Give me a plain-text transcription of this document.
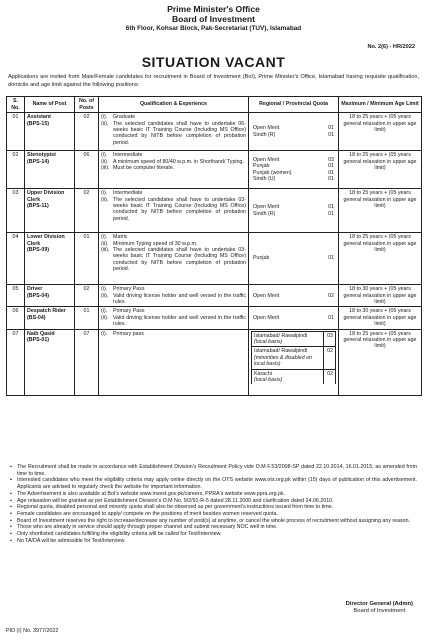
Prime Minister's Office
Board of Investment
6th Floor, Kohsar Block, Pak-Secretariat (TUV), Islamabad
No. 2(6) - HR/2022
SITUATION VACANT
Applications are invited from Male/Female candidates for recruitment in Board of Investment (BoI), Prime Minister's Office, Islamabad having requisite qualification, domicile and age limit against the following positions:
S. No.	Name of Post	No. of Posts	Qualification & Experience	Regional / Provincial Quota	Maximum / Minimum Age Limit
01	Assistant
(BPS-15)
	02	(i).	Graduate
(ii). The selected candidates shall have to undertake 06-weeks basic IT Training Course (Including MS Office) conducted by NITB before completion of probation period.

Open Merit	01
Sindh (R)	01
	18 to 25 years + (05 years general relaxation in upper age limit)
02	Stenotypist
(BPS-14)
	06	(i).	Intermediate
(ii). A minimum speed of 80/40 w.p.m. in Shorthand/ Typing.
(iii). Must be computer literate.

Open Merit	03
Punjab	01
Punjab (women)	01
Sindh (U)	01
	18 to 25 years + (05 years general relaxation in upper age limit)
03	Upper Division Clerk
(BPS-11)
	02	(i).	Intermediate
(ii). The selected candidates shall have to undertake 03-weeks basic IT Training Course (Including MS Office) conducted by NITB before completion of probation period.

Open Merit	01
Sindh (R)	01
	18 to 25 years + (05 years general relaxation in upper age limit)
04	Lower Division Clerk
(BPS-09)
	01	(i).	Matric
(ii). Minimum Typing speed of 30 w.p.m.
(iii). The selected candidates shall have to undertake 03-weeks basic IT Training Course (Including MS Office) conducted by NITB before completion of probation period.

Punjab	01
	18 to 25 years + (05 years general relaxation in upper age limit)
05	Driver
(BPS-04)
	02	(i).	Primary Pass
(ii). Valid driving license holder and well versed in the traffic rules.

Open Merit	02
	18 to 30 years + (05 years general relaxation in upper age limit)
06	Despatch Rider
(BS-04)
	01	(i).	Primary Pass
(ii). Valid driving license holder and well versed in the traffic rules.

Open Merit	01
	18 to 30 years + (05 years general relaxation in upper age limit)
07	Naib Qasid
(BPS-01)
	07	(i).	Primary pass
		Islamabad/ Rawalpindi
(local basis)
	03

Islamabad/ Rawalpindi
(minorities & disabled on local basis)
	02

Karachi
(local basis)
	02
	18 to 25 years + (05 years general relaxation in upper age limit)
▪ The Recruitment shall be made in accordance with Establishment Division's Recruitment Policy vide O.M F.53/2008-SP dated 22.10.2014, 16.01.2015, as amended from time to time.
▪ Interested candidates who meet the eligibility criteria may apply online directly on the OTS website www.ots.org.pk within (15) days of publication of this advertisement. Applicants are advised to regularly check the website for important information.
▪ The Advertisement is also available at BoI's website www.invest.gov.pk/careers, PPRA's website www.ppra.org.pk.
▪ Age relaxation will be granted as per Establishment Division's O.M No. 9/2/91-R-5 dated 28.11.2000 and clarification dated 24.06.2010.
▪ Regional quota, disabled personal and minority quota shall also be observed as per government's instructions issued from time to time.
▪ Female candidates are encouraged to apply/ compete on the positions of merit besides women reserved quota.
▪ Board of Investment reserves the right to increase/decrease any number of post(s) at anytime, or cancel the whole process of recruitment without assigning any reason.
▪ Those who are already in service should apply through proper channel and submit necessary NOC well in time.
▪ Only shortlisted candidates fulfilling the eligibility criteria will be called for Test/Interview.
▪ No TA/DA will be admissible for Test/Interview.
Director General (Admn)
Board of Investment
PID (I) No. 3977/2022
